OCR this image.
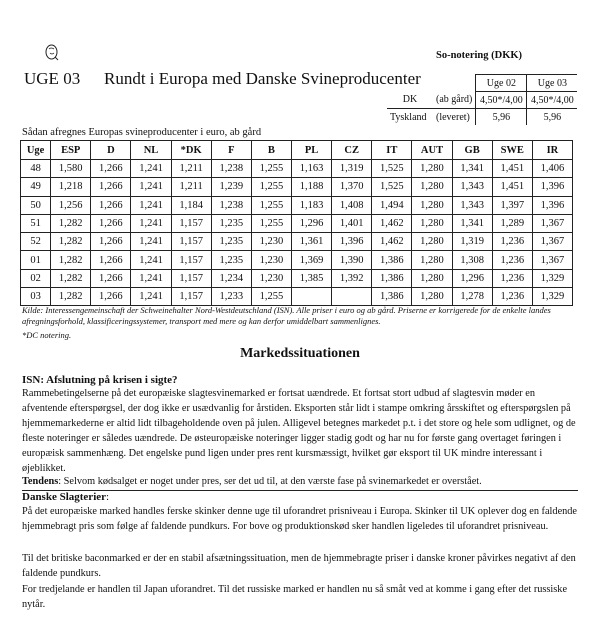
UGE 03 Rundt i Europa med Danske Svineproducenter
So-notering (DKK)
		Uge 02	Uge 03
DK	(ab gård)	4,50*/4,00	4,50*/4,00
Tyskland	(leveret)	5,96	5,96
Sådan afregnes Europas svineproducenter i euro, ab gård
Uge	ESP	D	NL	*DK	F	B	PL	CZ	IT	AUT	GB	SWE	IR
48	1,580	1,266	1,241	1,211	1,238	1,255	1,163	1,319	1,525	1,280	1,341	1,451	1,406
49	1,218	1,266	1,241	1,211	1,239	1,255	1,188	1,370	1,525	1,280	1,343	1,451	1,396
50	1,256	1,266	1,241	1,184	1,238	1,255	1,183	1,408	1,494	1,280	1,343	1,397	1,396
51	1,282	1,266	1,241	1,157	1,235	1,255	1,296	1,401	1,462	1,280	1,341	1,289	1,367
52	1,282	1,266	1,241	1,157	1,235	1,230	1,361	1,396	1,462	1,280	1,319	1,236	1,367
01	1,282	1,266	1,241	1,157	1,235	1,230	1,369	1,390	1,386	1,280	1,308	1,236	1,367
02	1,282	1,266	1,241	1,157	1,234	1,230	1,385	1,392	1,386	1,280	1,296	1,236	1,329
03	1,282	1,266	1,241	1,157	1,233	1,255			1,386	1,280	1,278	1,236	1,329
Kilde: Interessengemeinschaft der Schweinehalter Nord-Westdeutschland (ISN). Alle priser i euro og ab gård. Priserne er korrigerede for de enkelte landes afregningsforhold, klassificeringssystemer, transport med mere og kan derfor umiddelbart sammenlignes.
*DC notering.
Markedssituationen
ISN: Afslutning på krisen i sigte?
Rammebetingelserne på det europæiske slagtesvinemarked er fortsat uændrede. Et fortsat stort udbud af slagtesvin møder en afventende efterspørgsel, der dog ikke er usædvanlig for årstiden. Eksporten står lidt i stampe omkring årsskiftet og efterspørgslen på hjemmemarkederne er altid lidt tilbageholdende oven på julen. Alligevel betegnes markedet p.t. i det store og hele som udlignet, og de fleste noteringer er således uændrede. De østeuropæiske noteringer ligger stadig godt og har nu for første gang overtaget føringen i europæisk sammenhæng. Det engelske pund ligen under pres rent kursmæssigt, hvilket gør eksport til UK mindre interessant i øjeblikket.
Tendens: Selvom kødsalget er noget under pres, ser det ud til, at den værste fase på svinemarkedet er overstået.
Danske Slagterier:
På det europæiske marked handles ferske skinker denne uge til uforandret prisniveau i Europa. Skinker til UK oplever dog en faldende hjemmebragt pris som følge af faldende pundkurs. For bove og produktionskød sker handlen ligeledes til uforandret prisniveau.
Til det britiske baconmarked er der en stabil afsætningssituation, men de hjemmebragte priser i danske kroner påvirkes negativt af den faldende pundkurs.
For tredjelande er handlen til Japan uforandret. Til det russiske marked er handlen nu så småt ved at komme i gang efter det russiske nytår.
